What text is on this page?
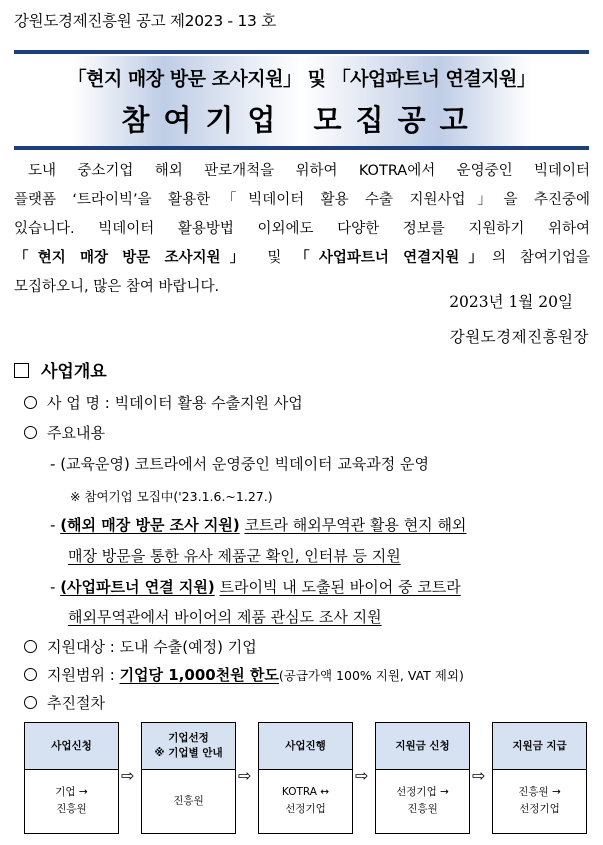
강원도경제진흥원 공고 제2023 - 13 호
「현지 매장 방문 조사지원」 및 「사업파트너 연결지원」
참여기업 모집공고
도내 중소기업 해외 판로개척을 위하여 KOTRA에서 운영중인 빅데이터
플랫폼 ‘트라이빅’을 활용한「빅데이터 활용 수출 지원사업」을 추진중에
있습니다. 빅데이터 활용방법 이외에도 다양한 정보를 지원하기 위하여
「현지 매장 방문 조사지원」 및 「사업파트너 연결지원」의 참여기업을
모집하오니, 많은 참여 바랍니다.
2023년 1월 20일
강원도경제진흥원장
사업개요
사 업 명 : 빅데이터 활용 수출지원 사업
주요내용
- (교육운영) 코트라에서 운영중인 빅데이터 교육과정 운영
※ 참여기업 모집中('23.1.6.~1.27.)
- (해외 매장 방문 조사 지원) 코트라 해외무역관 활용 현지 해외
매장 방문을 통한 유사 제품군 확인, 인터뷰 등 지원
- (사업파트너 연결 지원) 트라이빅 내 도출된 바이어 중 코트라
해외무역관에서 바이어의 제품 관심도 조사 지원
지원대상 : 도내 수출(예정) 기업
지원범위 : 기업당 1,000천원 한도(공급가액 100% 지원, VAT 제외)
추진절차
사업신청
기업 →
진흥원
⇨
기업선정
※ 기업별 안내
진흥원
⇨
사업진행
KOTRA ↔
선정기업
⇨
지원금 신청
선정기업 →
진흥원
⇨
지원금 지급
진흥원 →
선정기업
